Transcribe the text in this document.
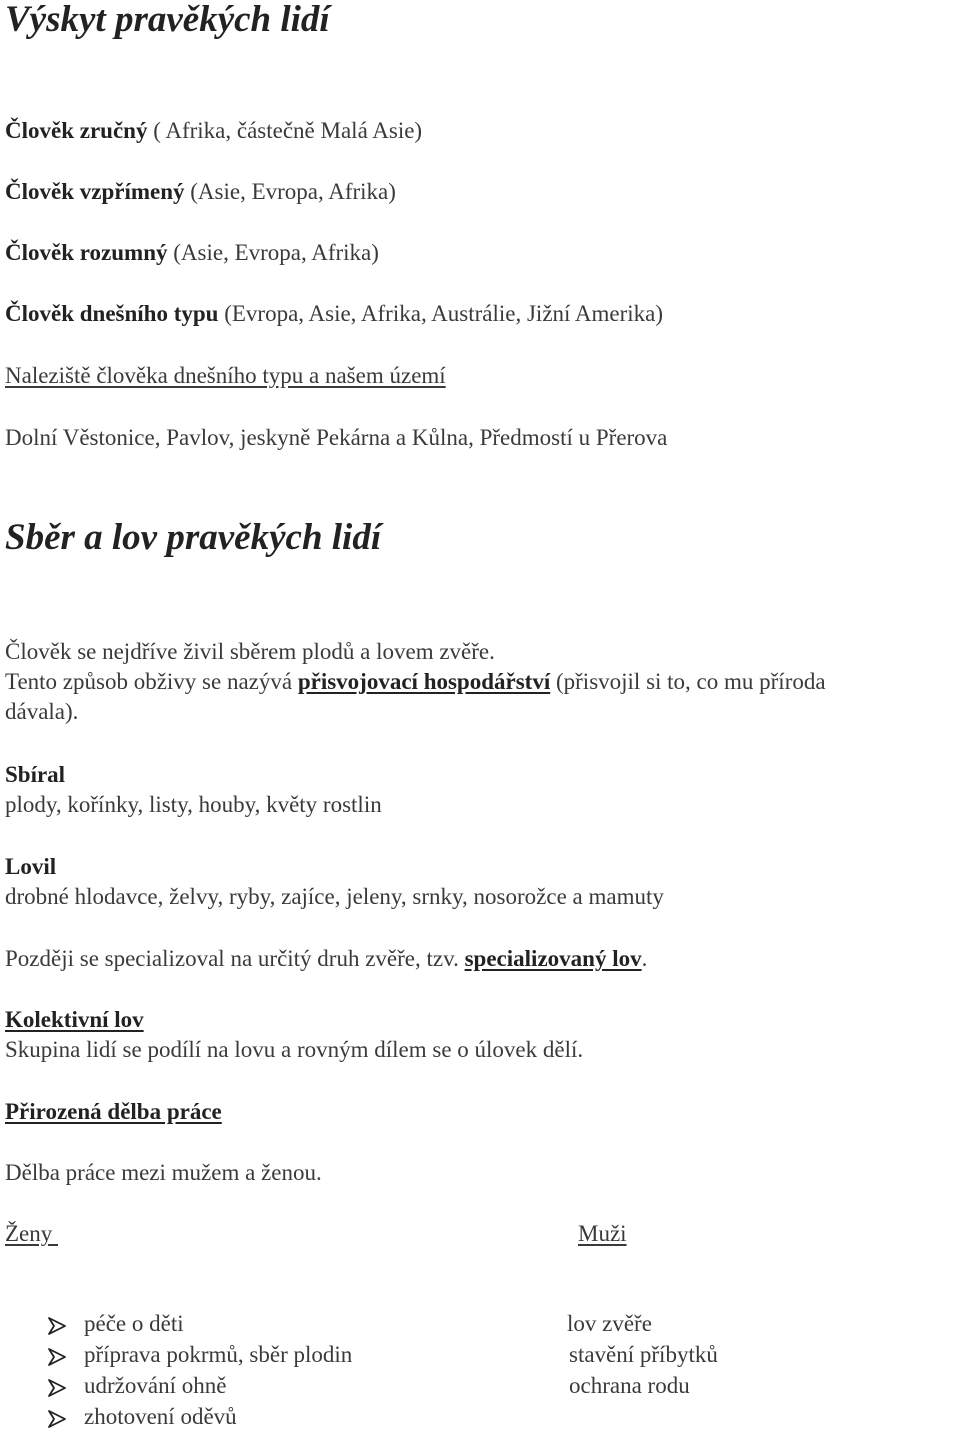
Výskyt pravěkých lidí
Člověk zručný ( Afrika, částečně Malá Asie)
Člověk vzpřímený (Asie, Evropa, Afrika)
Člověk rozumný (Asie, Evropa, Afrika)
Člověk dnešního typu (Evropa, Asie, Afrika, Austrálie, Jižní Amerika)
Naleziště člověka dnešního typu a našem území
Dolní Věstonice, Pavlov, jeskyně Pekárna a Kůlna, Předmostí u Přerova
Sběr a lov pravěkých lidí
Člověk se nejdříve živil sběrem plodů a lovem zvěře.
Tento způsob obživy se nazývá přisvojovací hospodářství (přisvojil si to, co mu příroda
dávala).
Sbíral
plody, kořínky, listy, houby, květy rostlin
Lovil
drobné hlodavce, želvy, ryby, zajíce, jeleny, srnky, nosorožce a mamuty
Později se specializoval na určitý druh zvěře, tzv. specializovaný lov.
Kolektivní lov
Skupina lidí se podílí na lovu a rovným dílem se o úlovek dělí.
Přirozená dělba práce
Dělba práce mezi mužem a ženou.
Ženy	Muži
péče o děti	lov zvěře
příprava pokrmů, sběr plodin	stavění příbytků
udržování ohně	ochrana rodu
zhotovení oděvů
